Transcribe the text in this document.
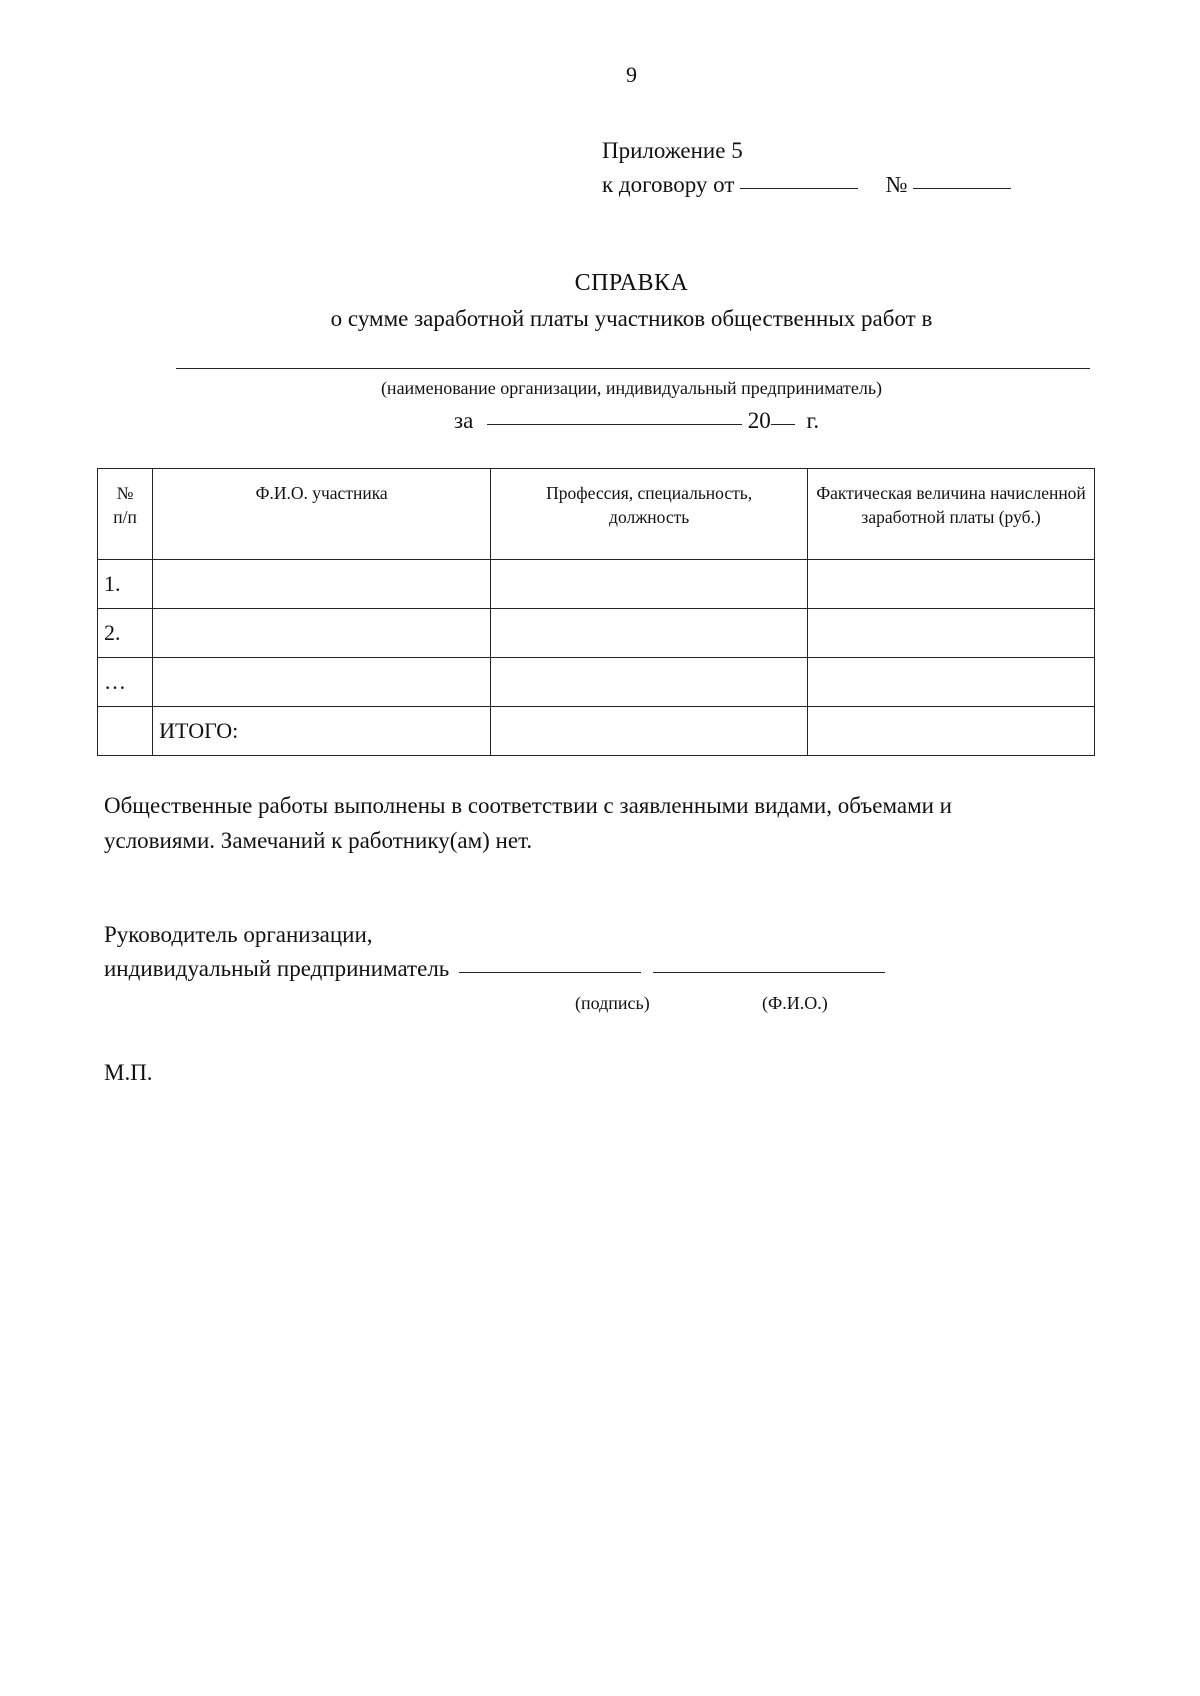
9
Приложение 5
к договору от	№
СПРАВКА
о сумме заработной платы участников общественных работ в
(наименование организации, индивидуальный предприниматель)
за	20 г.
№ п/п	Ф.И.О. участника	Профессия, специальность, должность	Фактическая величина начисленной заработной платы (руб.)
1.			
2.			
…			
	ИТОГО:		
Общественные работы выполнены в соответствии с заявленными видами, объемами и условиями. Замечаний к работнику(ам) нет.
Руководитель организации,
индивидуальный предприниматель
(подпись)	(Ф.И.О.)
М.П.
